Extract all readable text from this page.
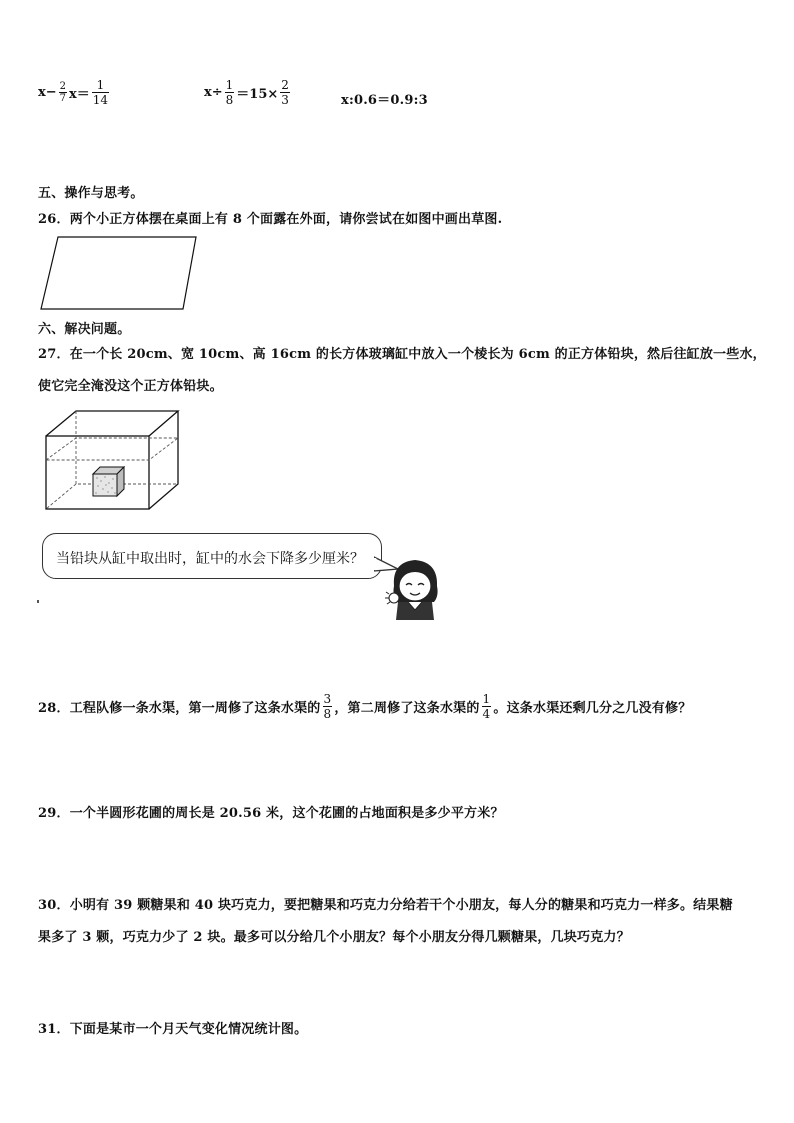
$x- \frac{2}{7} x= \frac{1}{14}$	$x\div \frac{1}{8} =15\times \frac{2}{3}$	x:0.6＝0.9:3
五、操作与思考。
26．两个小正方体摆在桌面上有 8 个面露在外面，请你尝试在如图中画出草图.
六、解决问题。
27．在一个长 20cm、宽 10cm、高 16cm 的长方体玻璃缸中放入一个棱长为 6cm 的正方体铅块，然后往缸放一些水，
使它完全淹没这个正方体铅块。
当铅块从缸中取出时，缸中的水会下降多少厘米？
28．工程队修一条水渠，第一周修了这条水渠的 $\frac{3}{8}$ ，第二周修了这条水渠的 $\frac{1}{4}$ 。这条水渠还剩几分之几没有修？
29．一个半圆形花圃的周长是 20.56 米，这个花圃的占地面积是多少平方米？
30．小明有 39 颗糖果和 40 块巧克力，要把糖果和巧克力分给若干个小朋友，每人分的糖果和巧克力一样多。结果糖
果多了 3 颗，巧克力少了 2 块。最多可以分给几个小朋友？每个小朋友分得几颗糖果，几块巧克力？
31．下面是某市一个月天气变化情况统计图。
